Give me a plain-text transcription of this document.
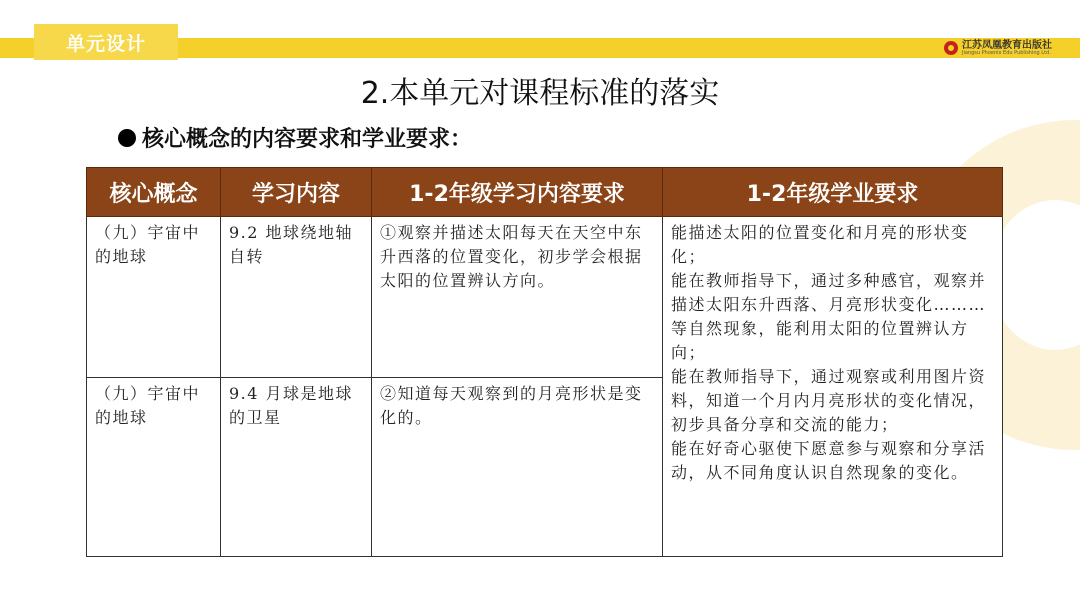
单元设计	江苏凤凰教育出版社
Jiangsu Phoenix Edu Publishing Ltd.
2.本单元对课程标准的落实
核心概念的内容要求和学业要求：
核心概念	学习内容	1-2年级学习内容要求	1-2年级学业要求
（九）宇宙中的地球	9.2 地球绕地轴自转	①观察并描述太阳每天在天空中东升西落的位置变化，初步学会根据太阳的位置辨认方向。	能描述太阳的位置变化和月亮的形状变化；
能在教师指导下，通过多种感官，观察并描述太阳东升西落、月亮形状变化………等自然现象，能利用太阳的位置辨认方向；
能在教师指导下，通过观察或利用图片资料，知道一个月内月亮形状的变化情况，初步具备分享和交流的能力；
能在好奇心驱使下愿意参与观察和分享活动，从不同角度认识自然现象的变化。
（九）宇宙中的地球	9.4 月球是地球的卫星	②知道每天观察到的月亮形状是变化的。	
